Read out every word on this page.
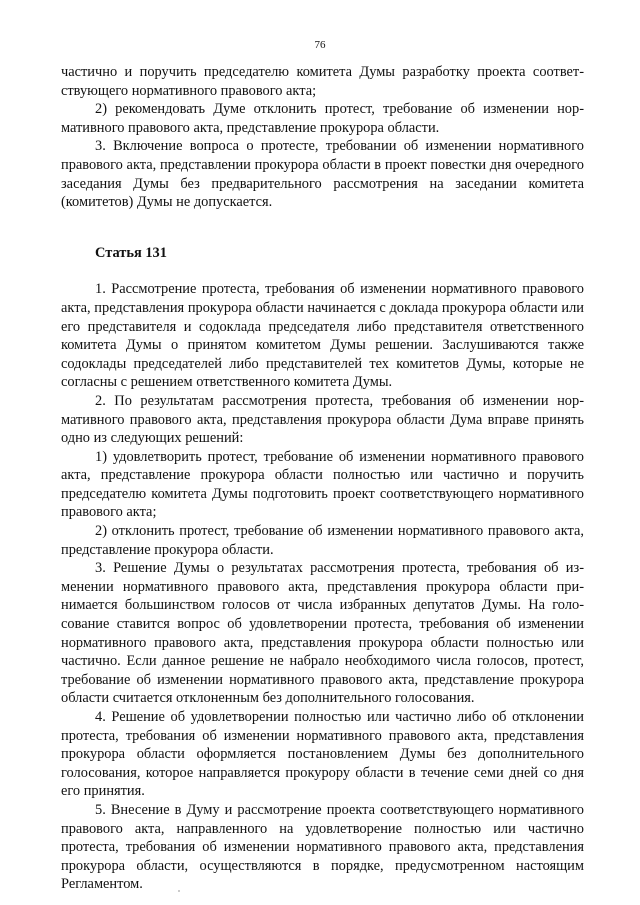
76

частично и поручить председателю комитета Думы разработку проекта соответствующего нормативного правового акта;

2) рекомендовать Думе отклонить протест, требование об изменении нормативного правового акта, представление прокурора области.

3. Включение вопроса о протесте, требовании об изменении нормативного правового акта, представлении прокурора области в проект повестки дня очередного заседания Думы без предварительного рассмотрения на заседании комитета (комитетов) Думы не допускается.

Статья 131

1. Рассмотрение протеста, требования об изменении нормативного правового акта, представления прокурора области начинается с доклада прокурора области или его представителя и содоклада председателя либо представителя ответственного комитета Думы о принятом комитетом Думы решении. Заслушиваются также содоклады председателей либо представителей тех комитетов Думы, которые не согласны с решением ответственного комитета Думы.

2. По результатам рассмотрения протеста, требования об изменении нормативного правового акта, представления прокурора области Дума вправе принять одно из следующих решений:

1) удовлетворить протест, требование об изменении нормативного правового акта, представление прокурора области полностью или частично и поручить председателю комитета Думы подготовить проект соответствующего нормативного правового акта;

2) отклонить протест, требование об изменении нормативного правового акта, представление прокурора области.

3. Решение Думы о результатах рассмотрения протеста, требования об изменении нормативного правового акта, представления прокурора области принимается большинством голосов от числа избранных депутатов Думы. На голосование ставится вопрос об удовлетворении протеста, требования об изменении нормативного правового акта, представления прокурора области полностью или частично. Если данное решение не набрало необходимого числа голосов, протест, требование об изменении нормативного правового акта, представление прокурора области считается отклоненным без дополнительного голосования.

4. Решение об удовлетворении полностью или частично либо об отклонении протеста, требования об изменении нормативного правового акта, представления прокурора области оформляется постановлением Думы без дополнительного голосования, которое направляется прокурору области в течение семи дней со дня его принятия.

5. Внесение в Думу и рассмотрение проекта соответствующего нормативного правового акта, направленного на удовлетворение полностью или частично протеста, требования об изменении нормативного правового акта, представления прокурора области, осуществляются в порядке, предусмотренном настоящим Регламентом.
